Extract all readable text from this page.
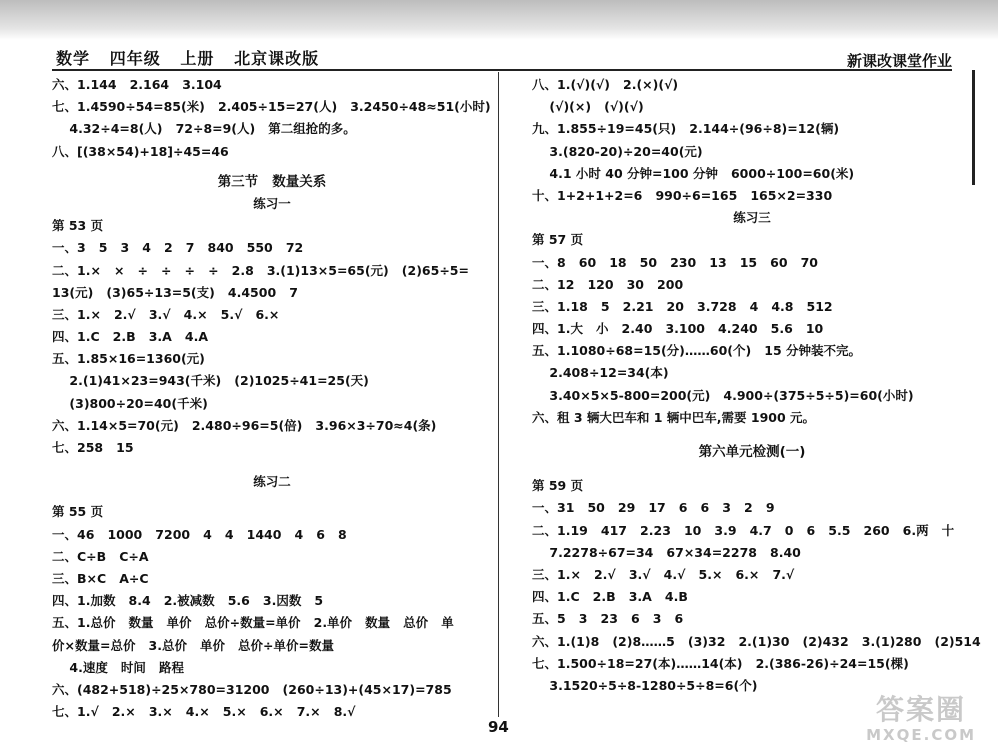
数学   四年级   上册   北京课改版	新课改课堂作业
六、1.144   2.164   3.104
七、1.4590÷54=85(米)   2.405÷15=27(人)   3.2450÷48≈51(小时)
4.32÷4=8(人)   72÷8=9(人)   第二组抢的多。
八、[(38×54)+18]÷45=46
第三节   数量关系
练习一
第 53 页
一、3   5   3   4   2   7   840   550   72
二、1.×   ×   ÷   ÷   ÷   ÷   2.8   3.(1)13×5=65(元)   (2)65÷5=
13(元)   (3)65÷13=5(支)   4.4500   7
三、1.×   2.√   3.√   4.×   5.√   6.×
四、1.C   2.B   3.A   4.A
五、1.85×16=1360(元)
2.(1)41×23=943(千米)   (2)1025÷41=25(天)
(3)800÷20=40(千米)
六、1.14×5=70(元)   2.480÷96=5(倍)   3.96×3÷70≈4(条)
七、258   15
练习二
第 55 页
一、46   1000   7200   4   4   1440   4   6   8
二、C÷B   C÷A
三、B×C   A÷C
四、1.加数   8.4   2.被减数   5.6   3.因数   5
五、1.总价   数量   单价   总价÷数量=单价   2.单价   数量   总价   单
价×数量=总价   3.总价   单价   总价÷单价=数量
4.速度   时间   路程
六、(482+518)÷25×780=31200   (260÷13)+(45×17)=785
七、1.√   2.×   3.×   4.×   5.×   6.×   7.×   8.√
八、1.(√)(√)   2.(×)(√)
(√)(×)   (√)(√)
九、1.855÷19=45(只)   2.144÷(96÷8)=12(辆)
3.(820-20)÷20=40(元)
4.1 小时 40 分钟=100 分钟   6000÷100=60(米)
十、1+2+1+2=6   990÷6=165   165×2=330
练习三
第 57 页
一、8   60   18   50   230   13   15   60   70
二、12   120   30   200
三、1.18   5   2.21   20   3.728   4   4.8   512
四、1.大   小   2.40   3.100   4.240   5.6   10
五、1.1080÷68=15(分)……60(个)   15 分钟装不完。
2.408÷12=34(本)
3.40×5×5-800=200(元)   4.900÷(375÷5÷5)=60(小时)
六、租 3 辆大巴车和 1 辆中巴车,需要 1900 元。
第六单元检测(一)
第 59 页
一、31   50   29   17   6   6   3   2   9
二、1.19   417   2.23   10   3.9   4.7   0   6   5.5   260   6.两   十
7.2278÷67=34   67×34=2278   8.40
三、1.×   2.√   3.√   4.√   5.×   6.×   7.√
四、1.C   2.B   3.A   4.B
五、5   3   23   6   3   6
六、1.(1)8   (2)8……5   (3)32   2.(1)30   (2)432   3.(1)280   (2)514
七、1.500÷18=27(本)……14(本)   2.(386-26)÷24=15(棵)
3.1520÷5÷8-1280÷5÷8=6(个)
94
答案圈
MXQE.COM
